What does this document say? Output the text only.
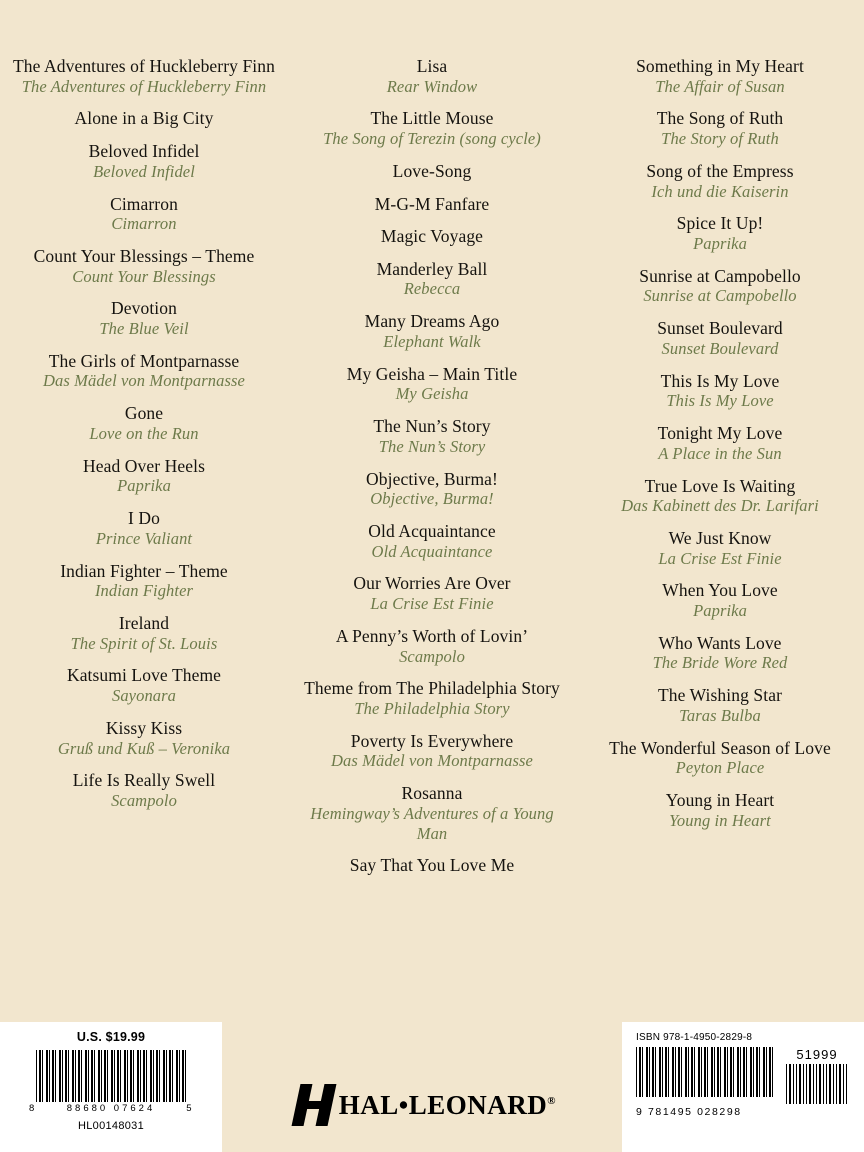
The Adventures of Huckleberry Finn
The Adventures of Huckleberry Finn
Alone in a Big City
Beloved Infidel
Beloved Infidel
Cimarron
Cimarron
Count Your Blessings – Theme
Count Your Blessings
Devotion
The Blue Veil
The Girls of Montparnasse
Das Mädel von Montparnasse
Gone
Love on the Run
Head Over Heels
Paprika
I Do
Prince Valiant
Indian Fighter – Theme
Indian Fighter
Ireland
The Spirit of St. Louis
Katsumi Love Theme
Sayonara
Kissy Kiss
Gruß und Kuß – Veronika
Life Is Really Swell
Scampolo
Lisa
Rear Window
The Little Mouse
The Song of Terezin (song cycle)
Love-Song
M-G-M Fanfare
Magic Voyage
Manderley Ball
Rebecca
Many Dreams Ago
Elephant Walk
My Geisha – Main Title
My Geisha
The Nun’s Story
The Nun’s Story
Objective, Burma!
Objective, Burma!
Old Acquaintance
Old Acquaintance
Our Worries Are Over
La Crise Est Finie
A Penny’s Worth of Lovin’
Scampolo
Theme from The Philadelphia Story
The Philadelphia Story
Poverty Is Everywhere
Das Mädel von Montparnasse
Rosanna
Hemingway’s Adventures of a Young Man
Say That You Love Me
Something in My Heart
The Affair of Susan
The Song of Ruth
The Story of Ruth
Song of the Empress
Ich und die Kaiserin
Spice It Up!
Paprika
Sunrise at Campobello
Sunrise at Campobello
Sunset Boulevard
Sunset Boulevard
This Is My Love
This Is My Love
Tonight My Love
A Place in the Sun
True Love Is Waiting
Das Kabinett des Dr. Larifari
We Just Know
La Crise Est Finie
When You Love
Paprika
Who Wants Love
The Bride Wore Red
The Wishing Star
Taras Bulba
The Wonderful Season of Love
Peyton Place
Young in Heart
Young in Heart
U.S. $19.99
8	88680 07624	5
HL00148031
ISBN 978-1-4950-2829-8
51999
9 781495 028298
HAL•LEONARD®
